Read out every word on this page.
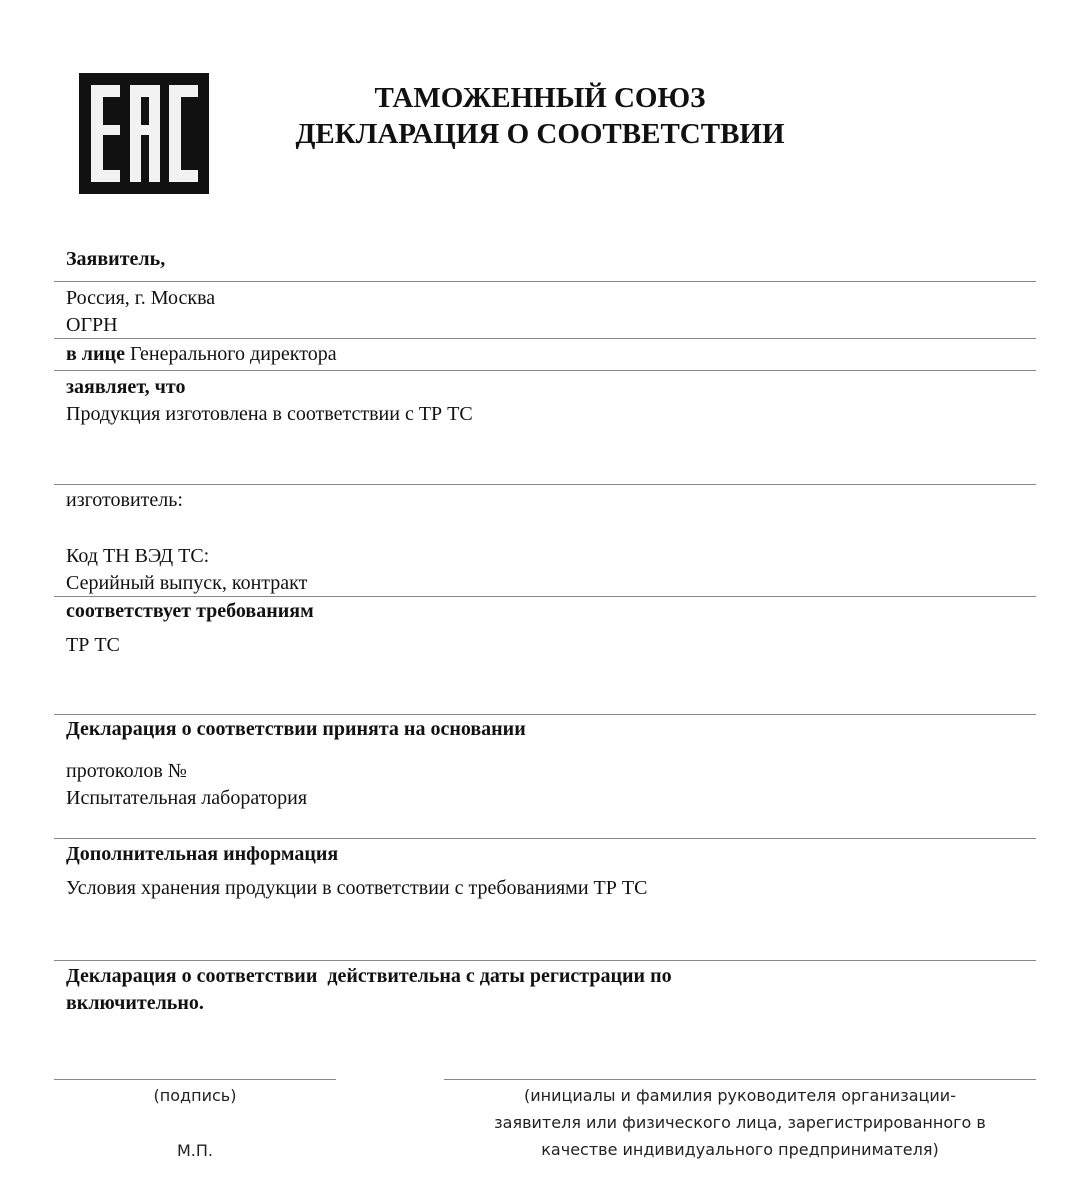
ТАМОЖЕННЫЙ СОЮЗ
ДЕКЛАРАЦИЯ О СООТВЕТСТВИИ
Заявитель,
Россия, г. Москва
ОГРН
в лице Генерального директора
заявляет, что
Продукция изготовлена в соответствии с ТР ТС
изготовитель:
Код ТН ВЭД ТС:
Серийный выпуск, контракт
соответствует требованиям
ТР ТС
Декларация о соответствии принята на основании
протоколов №
Испытательная лаборатория
Дополнительная информация
Условия хранения продукции в соответствии с требованиями ТР ТС
Декларация о соответствии  действительна с даты регистрации по
включительно.
(подпись)
М.П.
(инициалы и фамилия руководителя организации-
заявителя или физического лица, зарегистрированного в
качестве индивидуального предпринимателя)
